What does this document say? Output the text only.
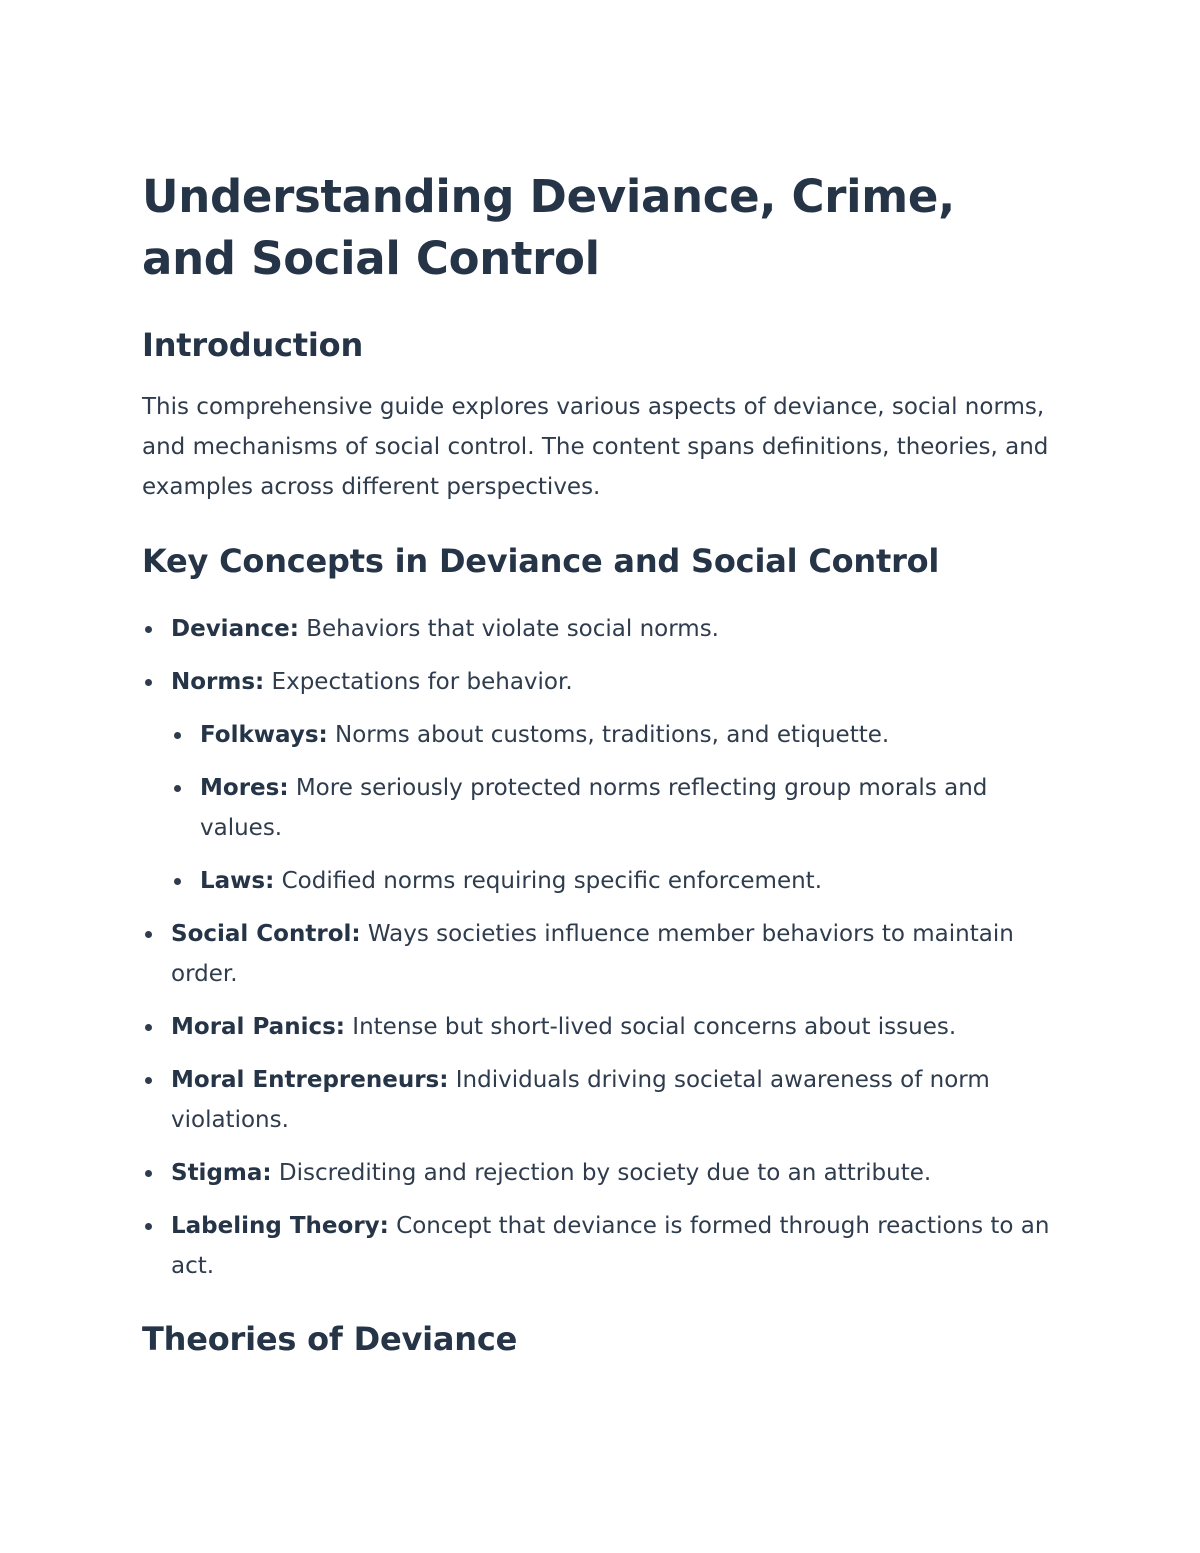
Understanding Deviance, Crime, and Social Control
Introduction

This comprehensive guide explores various aspects of deviance, social norms, and mechanisms of social control. The content spans definitions, theories, and examples across different perspectives.

Key Concepts in Deviance and Social Control
Deviance: Behaviors that violate social norms.
Norms: Expectations for behavior.
Folkways: Norms about customs, traditions, and etiquette.
Mores: More seriously protected norms reflecting group morals and values.
Laws: Codified norms requiring specific enforcement.
Social Control: Ways societies influence member behaviors to maintain order.
Moral Panics: Intense but short-lived social concerns about issues.
Moral Entrepreneurs: Individuals driving societal awareness of norm violations.
Stigma: Discrediting and rejection by society due to an attribute.
Labeling Theory: Concept that deviance is formed through reactions to an act.
Theories of Deviance
